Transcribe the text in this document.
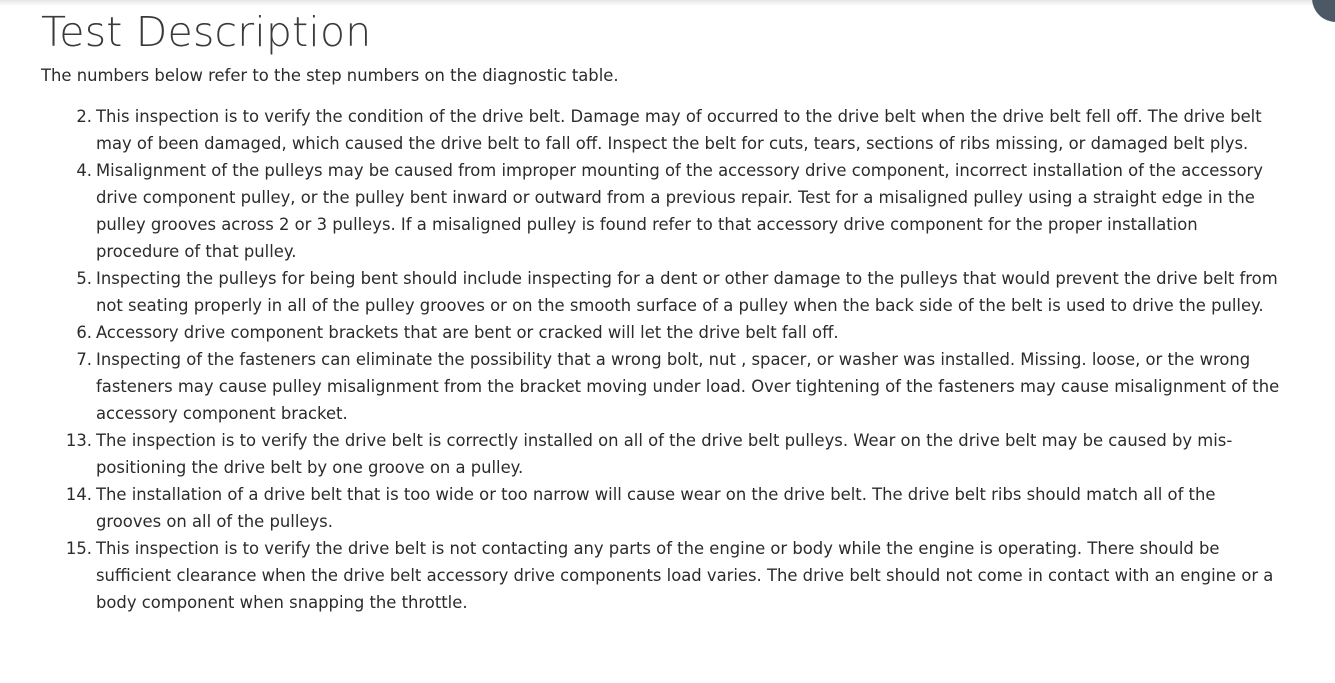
Test Description

The numbers below refer to the step numbers on the diagnostic table.

2. This inspection is to verify the condition of the drive belt. Damage may of occurred to the drive belt when the drive belt fell off. The drive belt may of been damaged, which caused the drive belt to fall off. Inspect the belt for cuts, tears, sections of ribs missing, or damaged belt plys.
4. Misalignment of the pulleys may be caused from improper mounting of the accessory drive component, incorrect installation of the accessory drive component pulley, or the pulley bent inward or outward from a previous repair. Test for a misaligned pulley using a straight edge in the pulley grooves across 2 or 3 pulleys. If a misaligned pulley is found refer to that accessory drive component for the proper installation procedure of that pulley.
5. Inspecting the pulleys for being bent should include inspecting for a dent or other damage to the pulleys that would prevent the drive belt from not seating properly in all of the pulley grooves or on the smooth surface of a pulley when the back side of the belt is used to drive the pulley.
6. Accessory drive component brackets that are bent or cracked will let the drive belt fall off.
7. Inspecting of the fasteners can eliminate the possibility that a wrong bolt, nut , spacer, or washer was installed. Missing. loose, or the wrong fasteners may cause pulley misalignment from the bracket moving under load. Over tightening of the fasteners may cause misalignment of the accessory component bracket.
13. The inspection is to verify the drive belt is correctly installed on all of the drive belt pulleys. Wear on the drive belt may be caused by mis-positioning the drive belt by one groove on a pulley.
14. The installation of a drive belt that is too wide or too narrow will cause wear on the drive belt. The drive belt ribs should match all of the grooves on all of the pulleys.
15. This inspection is to verify the drive belt is not contacting any parts of the engine or body while the engine is operating. There should be sufficient clearance when the drive belt accessory drive components load varies. The drive belt should not come in contact with an engine or a body component when snapping the throttle.
